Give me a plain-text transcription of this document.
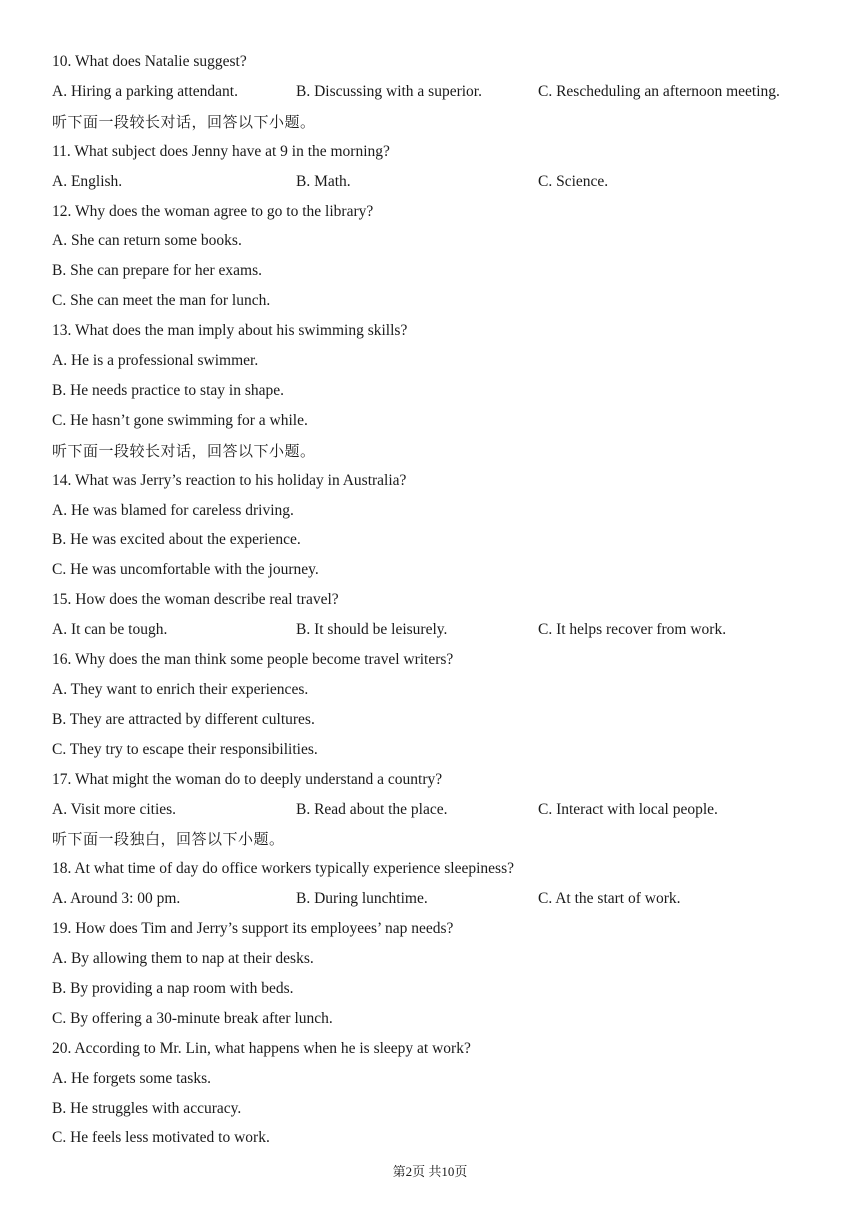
10. What does Natalie suggest?
A. Hiring a parking attendant.	B. Discussing with a superior.	C. Rescheduling an afternoon meeting.
听下面一段较长对话，回答以下小题。
11. What subject does Jenny have at 9 in the morning?
A. English.	B. Math.	C. Science.
12. Why does the woman agree to go to the library?
A. She can return some books.
B. She can prepare for her exams.
C. She can meet the man for lunch.
13. What does the man imply about his swimming skills?
A. He is a professional swimmer.
B. He needs practice to stay in shape.
C. He hasn’t gone swimming for a while.
听下面一段较长对话，回答以下小题。
14. What was Jerry’s reaction to his holiday in Australia?
A. He was blamed for careless driving.
B. He was excited about the experience.
C. He was uncomfortable with the journey.
15. How does the woman describe real travel?
A. It can be tough.	B. It should be leisurely.	C. It helps recover from work.
16. Why does the man think some people become travel writers?
A. They want to enrich their experiences.
B. They are attracted by different cultures.
C. They try to escape their responsibilities.
17. What might the woman do to deeply understand a country?
A. Visit more cities.	B. Read about the place.	C. Interact with local people.
听下面一段独白，回答以下小题。
18. At what time of day do office workers typically experience sleepiness?
A. Around 3: 00 pm.	B. During lunchtime.	C. At the start of work.
19. How does Tim and Jerry’s support its employees’ nap needs?
A. By allowing them to nap at their desks.
B. By providing a nap room with beds.
C. By offering a 30-minute break after lunch.
20. According to Mr. Lin, what happens when he is sleepy at work?
A. He forgets some tasks.
B. He struggles with accuracy.
C. He feels less motivated to work.
第2页 共10页
